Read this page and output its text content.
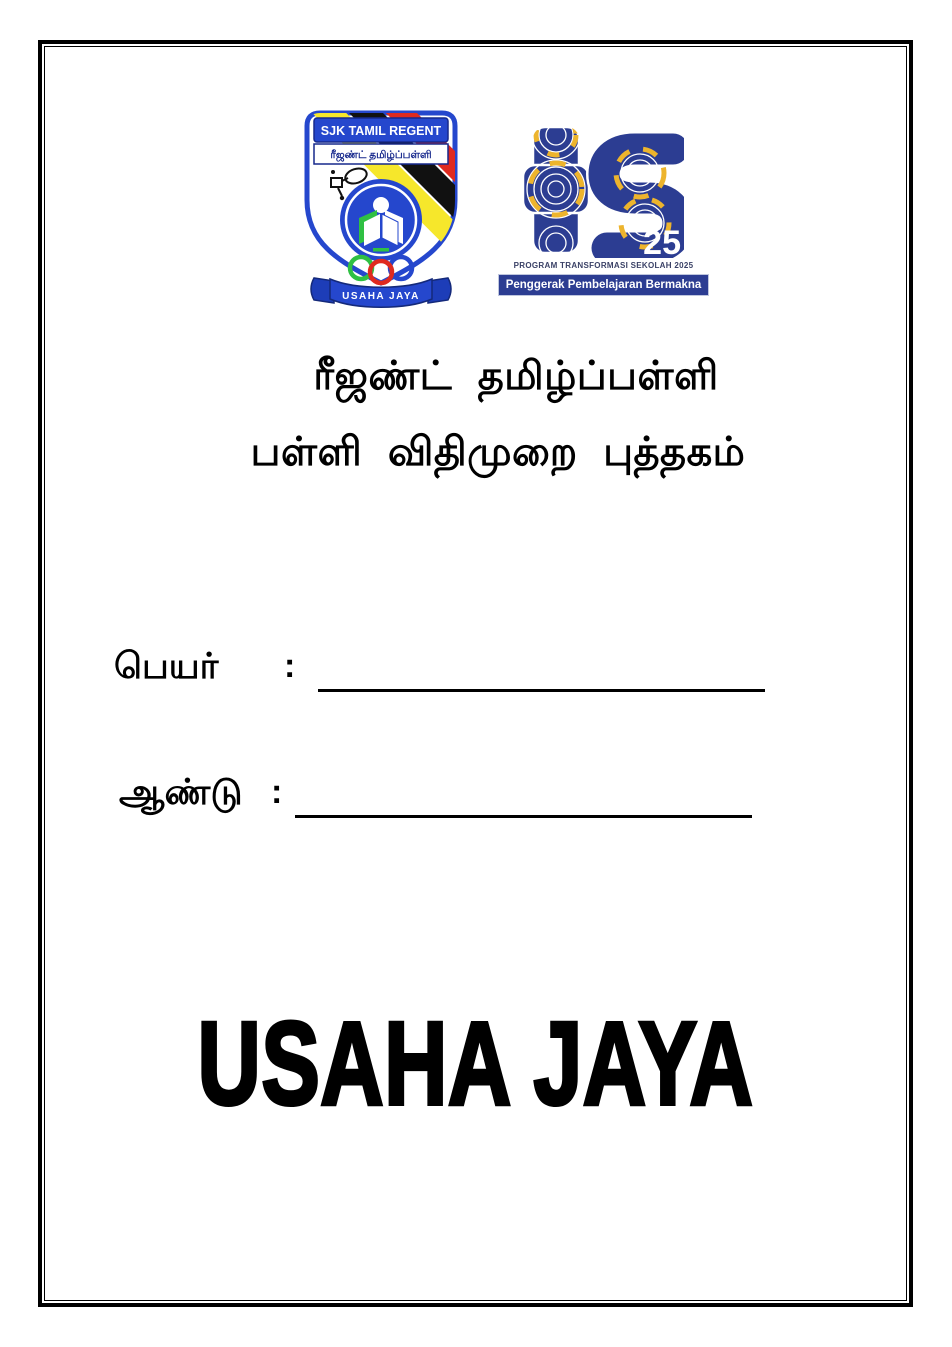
SJK TAMIL REGENT
ரீஜண்ட் தமிழ்ப்பள்ளி
USAHA JAYA
25
PROGRAM TRANSFORMASI SEKOLAH 2025
Penggerak Pembelajaran Bermakna
ரீஜண்ட் தமிழ்ப்பள்ளி
பள்ளி விதிமுறை புத்தகம்
பெயர்	:
ஆண்டு :
USAHA JAYA
